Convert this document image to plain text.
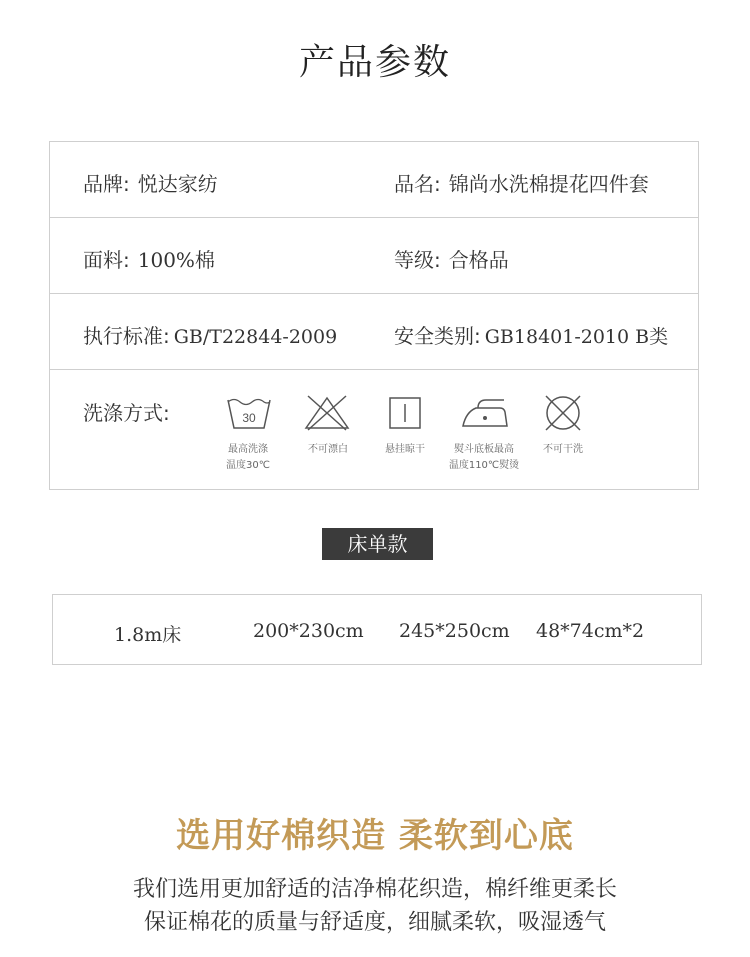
产品参数
品牌: 悦达家纺	品名: 锦尚水洗棉提花四件套
面料: 100%棉	等级: 合格品
执行标准: GB/T22844-2009	安全类别: GB18401-2010 B类
洗涤方式:	30
最高洗涤
温度30℃
不可漂白	悬挂晾干	熨斗底板最高
温度110℃熨烫
不可干洗
床单款
1.8m床	200*230cm 245*250cm 48*74cm*2
选用好棉织造 柔软到心底
我们选用更加舒适的洁净棉花织造，棉纤维更柔长
保证棉花的质量与舒适度，细腻柔软，吸湿透气
